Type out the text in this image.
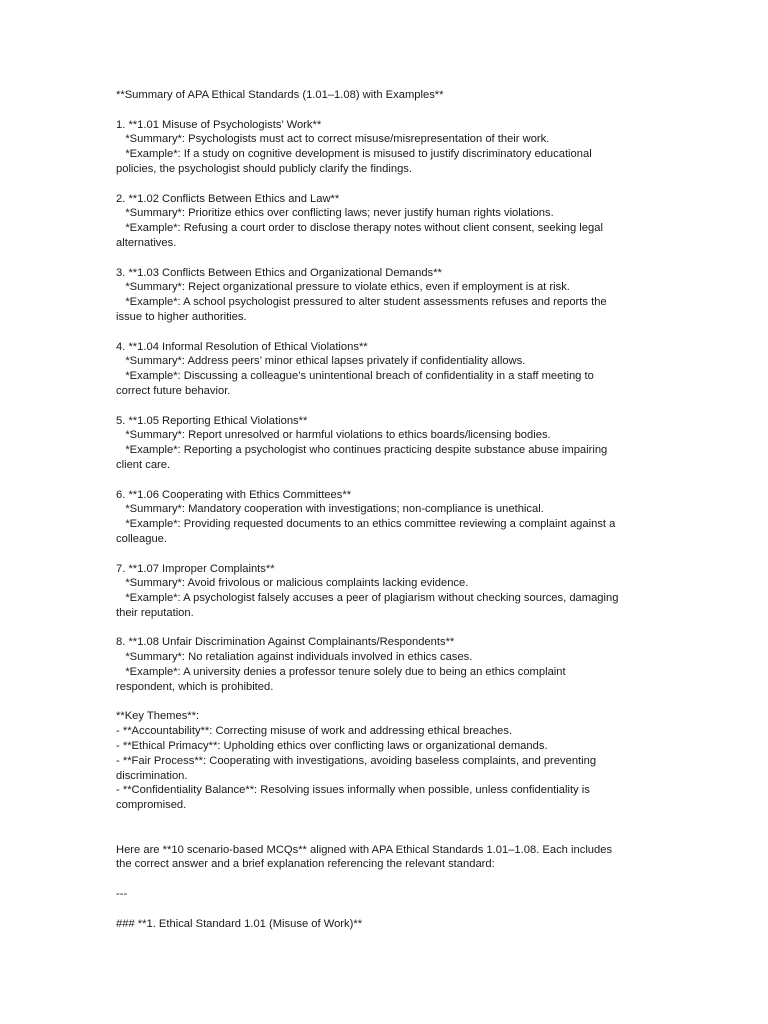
**Summary of APA Ethical Standards (1.01–1.08) with Examples**
1. **1.01 Misuse of Psychologists’ Work**
*Summary*: Psychologists must act to correct misuse/misrepresentation of their work.
*Example*: If a study on cognitive development is misused to justify discriminatory educational
policies, the psychologist should publicly clarify the findings.
2. **1.02 Conflicts Between Ethics and Law**
*Summary*: Prioritize ethics over conflicting laws; never justify human rights violations.
*Example*: Refusing a court order to disclose therapy notes without client consent, seeking legal
alternatives.
3. **1.03 Conflicts Between Ethics and Organizational Demands**
*Summary*: Reject organizational pressure to violate ethics, even if employment is at risk.
*Example*: A school psychologist pressured to alter student assessments refuses and reports the
issue to higher authorities.
4. **1.04 Informal Resolution of Ethical Violations**
*Summary*: Address peers’ minor ethical lapses privately if confidentiality allows.
*Example*: Discussing a colleague’s unintentional breach of confidentiality in a staff meeting to
correct future behavior.
5. **1.05 Reporting Ethical Violations**
*Summary*: Report unresolved or harmful violations to ethics boards/licensing bodies.
*Example*: Reporting a psychologist who continues practicing despite substance abuse impairing
client care.
6. **1.06 Cooperating with Ethics Committees**
*Summary*: Mandatory cooperation with investigations; non-compliance is unethical.
*Example*: Providing requested documents to an ethics committee reviewing a complaint against a
colleague.
7. **1.07 Improper Complaints**
*Summary*: Avoid frivolous or malicious complaints lacking evidence.
*Example*: A psychologist falsely accuses a peer of plagiarism without checking sources, damaging
their reputation.
8. **1.08 Unfair Discrimination Against Complainants/Respondents**
*Summary*: No retaliation against individuals involved in ethics cases.
*Example*: A university denies a professor tenure solely due to being an ethics complaint
respondent, which is prohibited.
**Key Themes**:
- **Accountability**: Correcting misuse of work and addressing ethical breaches.
- **Ethical Primacy**: Upholding ethics over conflicting laws or organizational demands.
- **Fair Process**: Cooperating with investigations, avoiding baseless complaints, and preventing
discrimination.
- **Confidentiality Balance**: Resolving issues informally when possible, unless confidentiality is
compromised.
Here are **10 scenario-based MCQs** aligned with APA Ethical Standards 1.01–1.08. Each includes
the correct answer and a brief explanation referencing the relevant standard:
---
### **1. Ethical Standard 1.01 (Misuse of Work)**
